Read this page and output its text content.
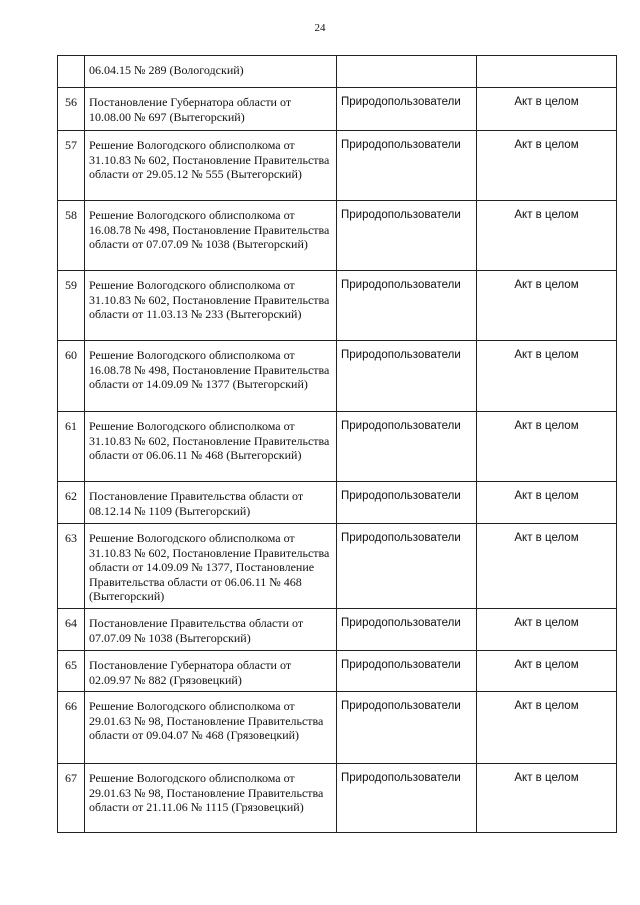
24
	06.04.15 № 289 (Вологодский)		
56	Постановление Губернатора области от 10.08.00 № 697 (Вытегорский)	Природопользователи	Акт в целом
57	Решение Вологодского облисполкома от 31.10.83 № 602, Постановление Правительства области от 29.05.12 № 555 (Вытегорский)	Природопользователи	Акт в целом
58	Решение Вологодского облисполкома от 16.08.78 № 498, Постановление Правительства области от 07.07.09 № 1038 (Вытегорский)	Природопользователи	Акт в целом
59	Решение Вологодского облисполкома от 31.10.83 № 602, Постановление Правительства области от 11.03.13 № 233 (Вытегорский)	Природопользователи	Акт в целом
60	Решение Вологодского облисполкома от 16.08.78 № 498, Постановление Правительства области от 14.09.09 № 1377 (Вытегорский)	Природопользователи	Акт в целом
61	Решение Вологодского облисполкома от 31.10.83 № 602, Постановление Правительства области от 06.06.11 № 468 (Вытегорский)	Природопользователи	Акт в целом
62	Постановление Правительства области от 08.12.14 № 1109 (Вытегорский)	Природопользователи	Акт в целом
63	Решение Вологодского облисполкома от 31.10.83 № 602, Постановление Правительства области от 14.09.09 № 1377, Постановление Правительства области от 06.06.11 № 468 (Вытегорский)	Природопользователи	Акт в целом
64	Постановление Правительства области от 07.07.09 № 1038 (Вытегорский)	Природопользователи	Акт в целом
65	Постановление Губернатора области от 02.09.97 № 882 (Грязовецкий)	Природопользователи	Акт в целом
66	Решение Вологодского облисполкома от 29.01.63 № 98, Постановление Правительства области от 09.04.07 № 468 (Грязовецкий)	Природопользователи	Акт в целом
67	Решение Вологодского облисполкома от 29.01.63 № 98, Постановление Правительства области от 21.11.06 № 1115 (Грязовецкий)	Природопользователи	Акт в целом
